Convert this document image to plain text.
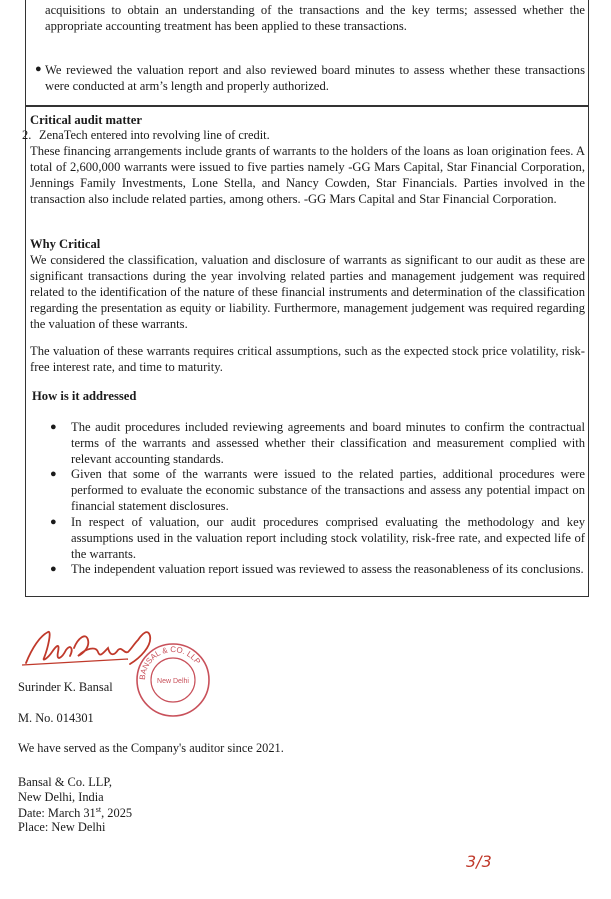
acquisitions to obtain an understanding of the transactions and the key terms; assessed whether the appropriate accounting treatment has been applied to these transactions.

● We reviewed the valuation report and also reviewed board minutes to assess whether these transactions were conducted at arm’s length and properly authorized.

Critical audit matter

2. ZenaTech entered into revolving line of credit.

These financing arrangements include grants of warrants to the holders of the loans as loan origination fees. A total of 2,600,000 warrants were issued to five parties namely -GG Mars Capital, Star Financial Corporation, Jennings Family Investments, Lone Stella, and Nancy Cowden, Star Financials. Parties involved in the transaction also include related parties, among others. -GG Mars Capital and Star Financial Corporation.

Why Critical

We considered the classification, valuation and disclosure of warrants as significant to our audit as these are significant transactions during the year involving related parties and management judgement was required related to the identification of the nature of these financial instruments and determination of the classification regarding the presentation as equity or liability. Furthermore, management judgement was required regarding the valuation of these warrants.

The valuation of these warrants requires critical assumptions, such as the expected stock price volatility, risk-free interest rate, and time to maturity.

How is it addressed

● The audit procedures included reviewing agreements and board minutes to confirm the contractual terms of the warrants and assessed whether their classification and measurement complied with relevant accounting standards.

● Given that some of the warrants were issued to the related parties, additional procedures were performed to evaluate the economic substance of the transactions and assess any potential impact on financial statement disclosures.

● In respect of valuation, our audit procedures comprised evaluating the methodology and key assumptions used in the valuation report including stock volatility, risk-free rate, and expected life of the warrants.

● The independent valuation report issued was reviewed to assess the reasonableness of its conclusions.

BANSAL & CO. LLP
New Delhi

Surinder K. Bansal

M. No. 014301

We have served as the Company's auditor since 2021.

Bansal & Co. LLP,

New Delhi, India

Date: March 31st, 2025

Place: New Delhi

3/3
